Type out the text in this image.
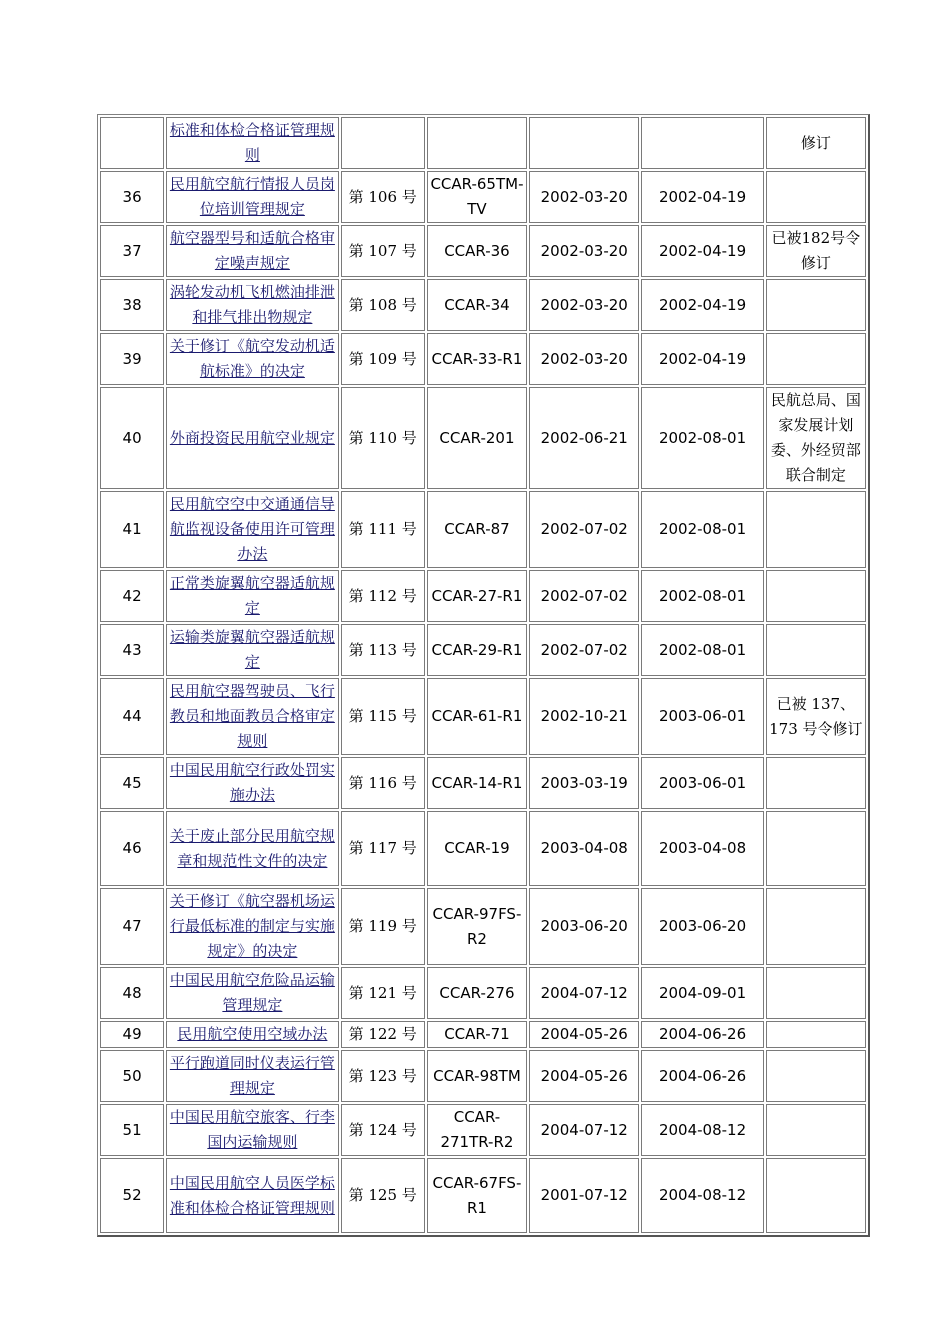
	标准和体检合格证管理规则					修订
36	民用航空航行情报人员岗位培训管理规定	第 106 号	CCAR-65TM-TV	2002-03-20	2002-04-19	
37	航空器型号和适航合格审定噪声规定	第 107 号	CCAR-36	2002-03-20	2002-04-19	已被182号令修订
38	涡轮发动机飞机燃油排泄和排气排出物规定	第 108 号	CCAR-34	2002-03-20	2002-04-19	
39	关于修订《航空发动机适航标准》的决定	第 109 号	CCAR-33-R1	2002-03-20	2002-04-19	
40	外商投资民用航空业规定	第 110 号	CCAR-201	2002-06-21	2002-08-01	民航总局、国家发展计划委、外经贸部联合制定
41	民用航空空中交通通信导航监视设备使用许可管理办法	第 111 号	CCAR-87	2002-07-02	2002-08-01	
42	正常类旋翼航空器适航规定	第 112 号	CCAR-27-R1	2002-07-02	2002-08-01	
43	运输类旋翼航空器适航规定	第 113 号	CCAR-29-R1	2002-07-02	2002-08-01	
44	民用航空器驾驶员、飞行教员和地面教员合格审定规则	第 115 号	CCAR-61-R1	2002-10-21	2003-06-01	已被 137、173 号令修订
45	中国民用航空行政处罚实施办法	第 116 号	CCAR-14-R1	2003-03-19	2003-06-01	
46	关于废止部分民用航空规章和规范性文件的决定	第 117 号	CCAR-19	2003-04-08	2003-04-08	
47	关于修订《航空器机场运行最低标准的制定与实施规定》的决定	第 119 号	CCAR-97FS-R2	2003-06-20	2003-06-20	
48	中国民用航空危险品运输管理规定	第 121 号	CCAR-276	2004-07-12	2004-09-01	
49	民用航空使用空域办法	第 122 号	CCAR-71	2004-05-26	2004-06-26	
50	平行跑道同时仪表运行管理规定	第 123 号	CCAR-98TM	2004-05-26	2004-06-26	
51	中国民用航空旅客、行李国内运输规则	第 124 号	CCAR-271TR-R2	2004-07-12	2004-08-12	
52	中国民用航空人员医学标准和体检合格证管理规则	第 125 号	CCAR-67FS-R1	2001-07-12	2004-08-12	
